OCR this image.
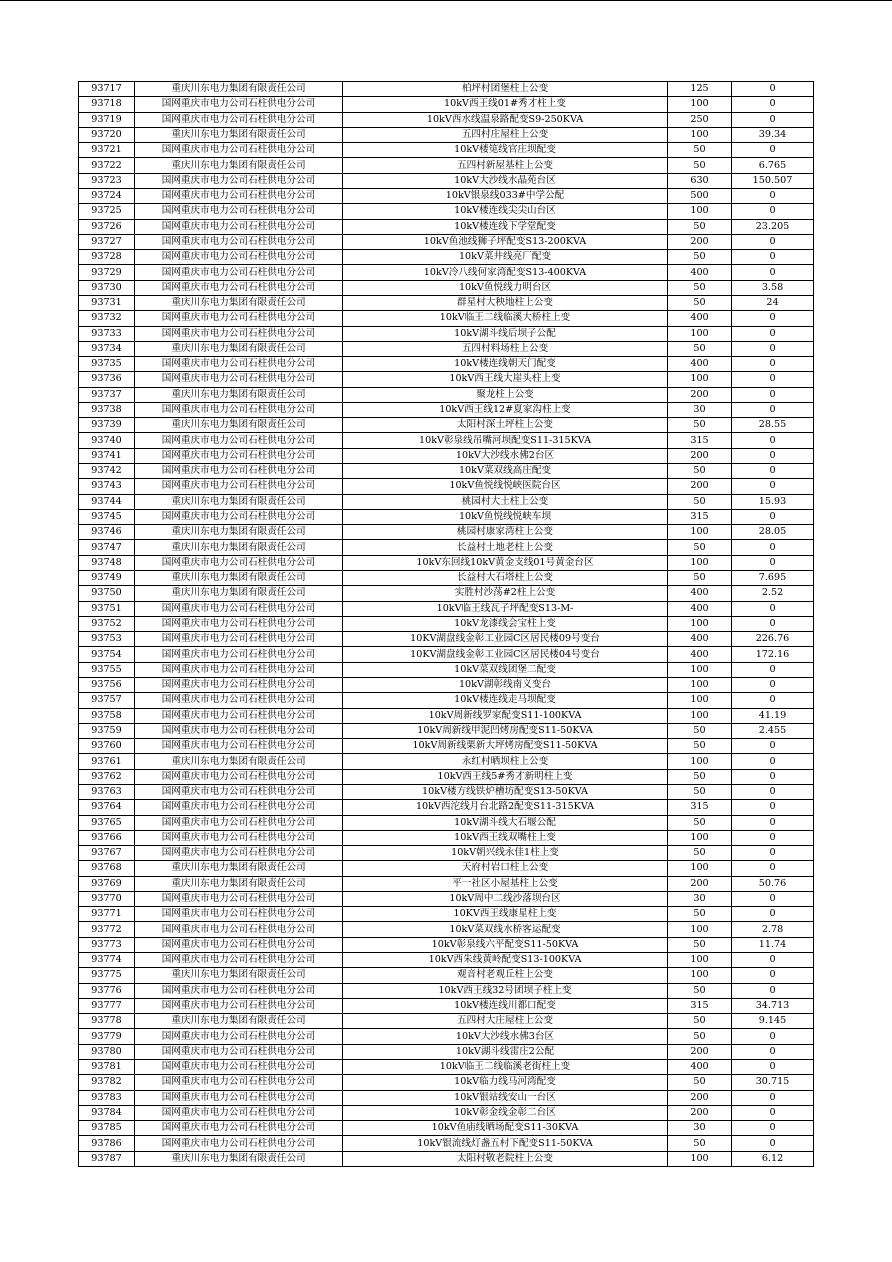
93717	重庆川东电力集团有限责任公司	柏坪村团堡柱上公变	125	0
93718	国网重庆市电力公司石柱供电分公司	10kV西王线01#秀才柱上变	100	0
93719	国网重庆市电力公司石柱供电分公司	10kV西水线温泉路配变S9-250KVA	250	0
93720	重庆川东电力集团有限责任公司	五四村庄屋柱上公变	100	39.34
93721	国网重庆市电力公司石柱供电分公司	10kV楼笕线官庄坝配变	50	0
93722	重庆川东电力集团有限责任公司	五四村新屋基柱上公变	50	6.765
93723	国网重庆市电力公司石柱供电分公司	10kV大沙线水晶苑台区	630	150.507
93724	国网重庆市电力公司石柱供电分公司	10kV银泉线033#中学公配	500	0
93725	国网重庆市电力公司石柱供电分公司	10kV楼连线尖尖山台区	100	0
93726	国网重庆市电力公司石柱供电分公司	10kV楼连线下学堂配变	50	23.205
93727	国网重庆市电力公司石柱供电分公司	10kV鱼池线狮子坪配变S13-200KVA	200	0
93728	国网重庆市电力公司石柱供电分公司	10kV菜井线亮厂配变	50	0
93729	国网重庆市电力公司石柱供电分公司	10kV冷八线何家湾配变S13-400KVA	400	0
93730	国网重庆市电力公司石柱供电分公司	10kV鱼悦线力明台区	50	3.58
93731	重庆川东电力集团有限责任公司	群星村大秧地柱上公变	50	24
93732	国网重庆市电力公司石柱供电分公司	10kV临王二线临溪大桥柱上变	400	0
93733	国网重庆市电力公司石柱供电分公司	10kV湖斗线后坝子公配	100	0
93734	重庆川东电力集团有限责任公司	五四村料场柱上公变	50	0
93735	国网重庆市电力公司石柱供电分公司	10kV楼连线朝天门配变	400	0
93736	国网重庆市电力公司石柱供电分公司	10kV西王线大崖头柱上变	100	0
93737	重庆川东电力集团有限责任公司	聚龙柱上公变	200	0
93738	国网重庆市电力公司石柱供电分公司	10kV西王线12#夏家沟柱上变	30	0
93739	重庆川东电力集团有限责任公司	太阳村深土坪柱上公变	50	28.55
93740	国网重庆市电力公司石柱供电分公司	10kV彰泉线吊嘴河坝配变S11-315KVA	315	0
93741	国网重庆市电力公司石柱供电分公司	10kV大沙线水佛2台区	200	0
93742	国网重庆市电力公司石柱供电分公司	10kV菜双线高庄配变	50	0
93743	国网重庆市电力公司石柱供电分公司	10kV鱼悦线悦峡医院台区	200	0
93744	重庆川东电力集团有限责任公司	桃园村大土柱上公变	50	15.93
93745	国网重庆市电力公司石柱供电分公司	10kV鱼悦线悦峡车坝	315	0
93746	重庆川东电力集团有限责任公司	桃园村康家湾柱上公变	100	28.05
93747	重庆川东电力集团有限责任公司	长益村土地老柱上公变	50	0
93748	国网重庆市电力公司石柱供电分公司	10kV东回线10kV黄金支线01号黄金台区	100	0
93749	重庆川东电力集团有限责任公司	长益村大石塔柱上公变	50	7.695
93750	重庆川东电力集团有限责任公司	实胜村沙荡#2柱上公变	400	2.52
93751	国网重庆市电力公司石柱供电分公司	10kV临王线瓦子坪配变S13-M-	400	0
93752	国网重庆市电力公司石柱供电分公司	10kV龙漆线会宝柱上变	100	0
93753	国网重庆市电力公司石柱供电分公司	10KV湖盘线金彰工业园C区居民楼09号变台	400	226.76
93754	国网重庆市电力公司石柱供电分公司	10KV湖盘线金彰工业园C区居民楼04号变台	400	172.16
93755	国网重庆市电力公司石柱供电分公司	10kV菜双线团堡二配变	100	0
93756	国网重庆市电力公司石柱供电分公司	10kV湖彰线南义变台	100	0
93757	国网重庆市电力公司石柱供电分公司	10kV楼连线走马坝配变	100	0
93758	国网重庆市电力公司石柱供电分公司	10kV周新线罗家配变S11-100KVA	100	41.19
93759	国网重庆市电力公司石柱供电分公司	10kV周新线甲泥凹烤房配变S11-50KVA	50	2.455
93760	国网重庆市电力公司石柱供电分公司	10kV周新线栗新大坪烤房配变S11-50KVA	50	0
93761	重庆川东电力集团有限责任公司	永红村晒坝柱上公变	100	0
93762	国网重庆市电力公司石柱供电分公司	10kV西王线5#秀才新明柱上变	50	0
93763	国网重庆市电力公司石柱供电分公司	10kV楼方线铁炉槽坊配变S13-50KVA	50	0
93764	国网重庆市电力公司石柱供电分公司	10kV西沱线月台北路2配变S11-315KVA	315	0
93765	国网重庆市电力公司石柱供电分公司	10kV湖斗线大石堰公配	50	0
93766	国网重庆市电力公司石柱供电分公司	10kV西王线双嘴柱上变	100	0
93767	国网重庆市电力公司石柱供电分公司	10kV朝兴线永佳1柱上变	50	0
93768	重庆川东电力集团有限责任公司	天府村岩口柱上公变	100	0
93769	重庆川东电力集团有限责任公司	平一社区小屋基柱上公变	200	50.76
93770	国网重庆市电力公司石柱供电分公司	10kV周中二线沙落坝台区	30	0
93771	国网重庆市电力公司石柱供电分公司	10KV西王线康星柱上变	50	0
93772	国网重庆市电力公司石柱供电分公司	10kV菜双线水桥客运配变	100	2.78
93773	国网重庆市电力公司石柱供电分公司	10kV彰泉线六平配变S11-50KVA	50	11.74
93774	国网重庆市电力公司石柱供电分公司	10kV西朱线黄岭配变S13-100KVA	100	0
93775	重庆川东电力集团有限责任公司	观音村老观丘柱上公变	100	0
93776	国网重庆市电力公司石柱供电分公司	10kV西王线32号团坝子柱上变	50	0
93777	国网重庆市电力公司石柱供电分公司	10kV楼连线川都口配变	315	34.713
93778	重庆川东电力集团有限责任公司	五四村大庄屋柱上公变	50	9.145
93779	国网重庆市电力公司石柱供电分公司	10kV大沙线水佛3台区	50	0
93780	国网重庆市电力公司石柱供电分公司	10kV湖斗线雷庄2公配	200	0
93781	国网重庆市电力公司石柱供电分公司	10kV临王二线临溪老街柱上变	400	0
93782	国网重庆市电力公司石柱供电分公司	10kV临力线马河湾配变	50	30.715
93783	国网重庆市电力公司石柱供电分公司	10kV银站线安山一台区	200	0
93784	国网重庆市电力公司石柱供电分公司	10kV彰金线金彰二台区	200	0
93785	国网重庆市电力公司石柱供电分公司	10kV鱼庙线晒场配变S11-30KVA	30	0
93786	国网重庆市电力公司石柱供电分公司	10kV银流线灯盏五村下配变S11-50KVA	50	0
93787	重庆川东电力集团有限责任公司	太阳村敬老院柱上公变	100	6.12
